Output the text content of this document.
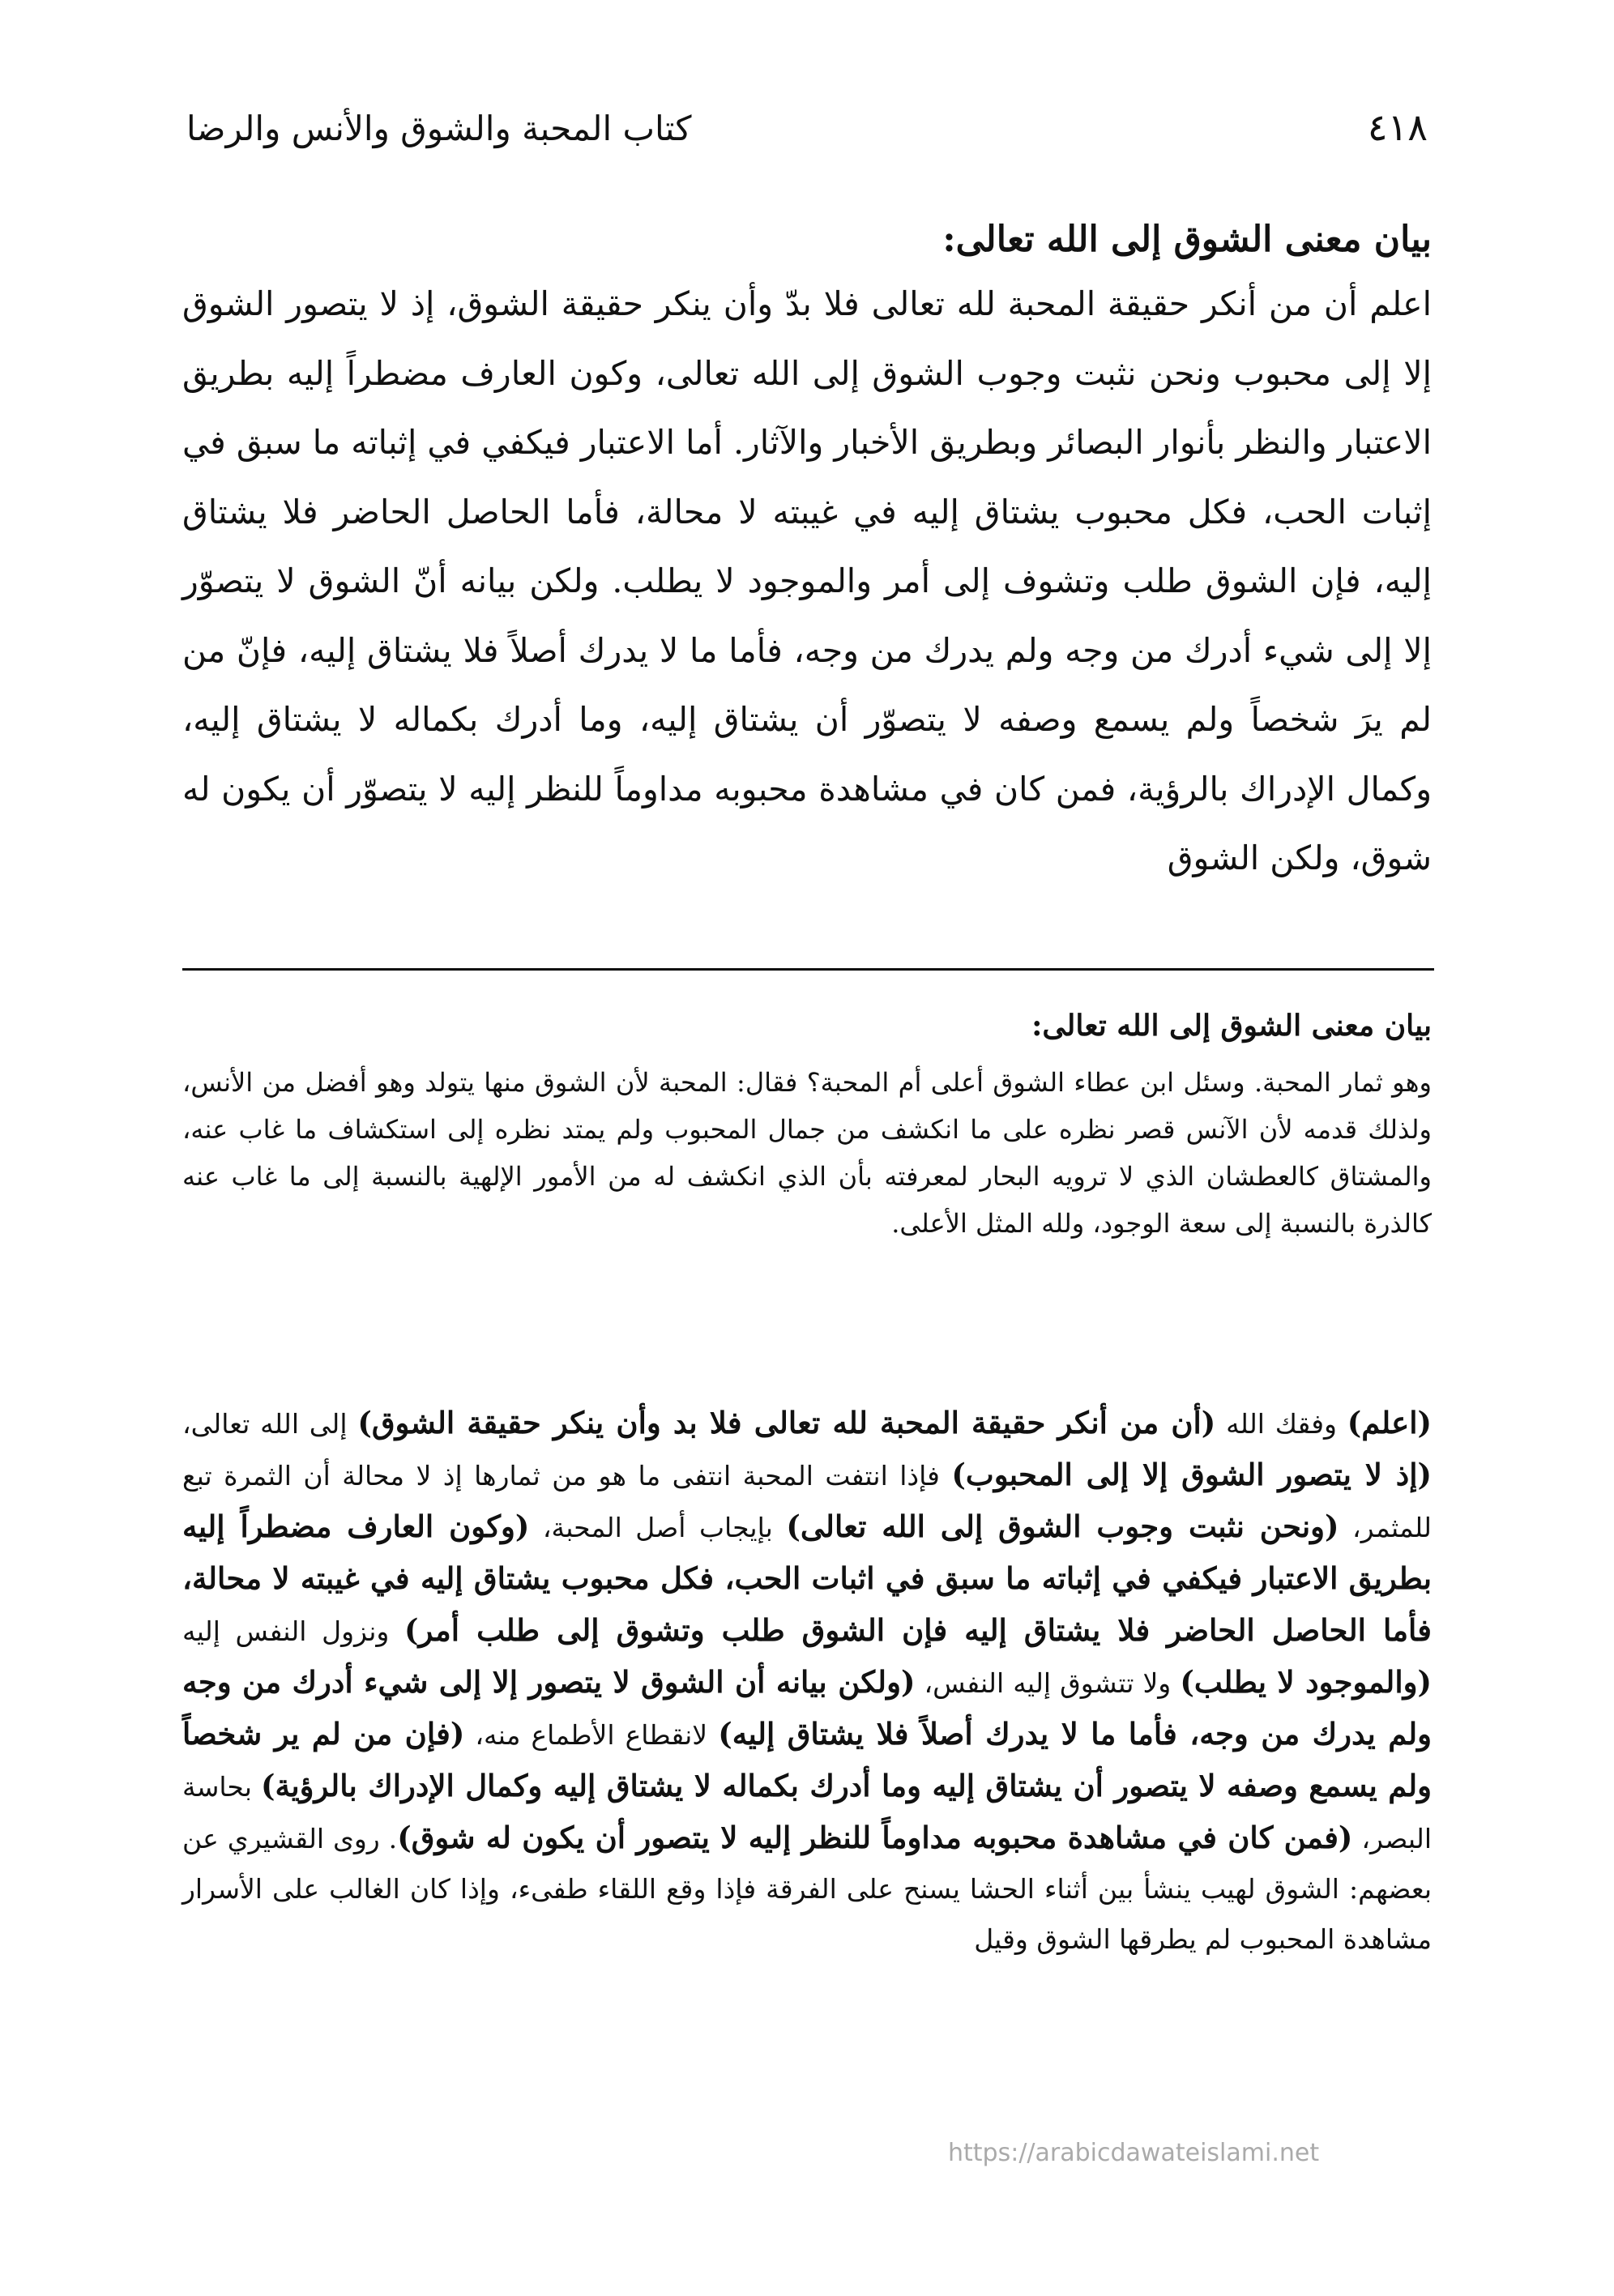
٤١٨
كتاب المحبة والشوق والأنس والرضا
بيان معنى الشوق إلى الله تعالى:

اعلم أن من أنكر حقيقة المحبة لله تعالى فلا بدّ وأن ينكر حقيقة الشوق، إذ لا يتصور الشوق إلا إلى محبوب ونحن نثبت وجوب الشوق إلى الله تعالى، وكون العارف مضطراً إليه بطريق الاعتبار والنظر بأنوار البصائر وبطريق الأخبار والآثار. أما الاعتبار فيكفي في إثباته ما سبق في إثبات الحب، فكل محبوب يشتاق إليه في غيبته لا محالة، فأما الحاصل الحاضر فلا يشتاق إليه، فإن الشوق طلب وتشوف إلى أمر والموجود لا يطلب. ولكن بيانه أنّ الشوق لا يتصوّر إلا إلى شيء أدرك من وجه ولم يدرك من وجه، فأما ما لا يدرك أصلاً فلا يشتاق إليه، فإنّ من لم يرَ شخصاً ولم يسمع وصفه لا يتصوّر أن يشتاق إليه، وما أدرك بكماله لا يشتاق إليه، وكمال الإدراك بالرؤية، فمن كان في مشاهدة محبوبه مداوماً للنظر إليه لا يتصوّر أن يكون له شوق، ولكن الشوق

بيان معنى الشوق إلى الله تعالى:

وهو ثمار المحبة. وسئل ابن عطاء الشوق أعلى أم المحبة؟ فقال: المحبة لأن الشوق منها يتولد وهو أفضل من الأنس، ولذلك قدمه لأن الآنس قصر نظره على ما انكشف من جمال المحبوب ولم يمتد نظره إلى استكشاف ما غاب عنه، والمشتاق كالعطشان الذي لا ترويه البحار لمعرفته بأن الذي انكشف له من الأمور الإلهية بالنسبة إلى ما غاب عنه كالذرة بالنسبة إلى سعة الوجود، ولله المثل الأعلى.

(اعلم) وفقك الله (أن من أنكر حقيقة المحبة لله تعالى فلا بد وأن ينكر حقيقة الشوق) إلى الله تعالى، (إذ لا يتصور الشوق إلا إلى المحبوب) فإذا انتفت المحبة انتفى ما هو من ثمارها إذ لا محالة أن الثمرة تبع للمثمر، (ونحن نثبت وجوب الشوق إلى الله تعالى) بإيجاب أصل المحبة، (وكون العارف مضطراً إليه بطريق الاعتبار فيكفي في إثباته ما سبق في اثبات الحب، فكل محبوب يشتاق إليه في غيبته لا محالة، فأما الحاصل الحاضر فلا يشتاق إليه فإن الشوق طلب وتشوق إلى طلب أمر) ونزول النفس إليه (والموجود لا يطلب) ولا تتشوق إليه النفس، (ولكن بيانه أن الشوق لا يتصور إلا إلى شيء أدرك من وجه ولم يدرك من وجه، فأما ما لا يدرك أصلاً فلا يشتاق إليه) لانقطاع الأطماع منه، (فإن من لم ير شخصاً ولم يسمع وصفه لا يتصور أن يشتاق إليه وما أدرك بكماله لا يشتاق إليه وكمال الإدراك بالرؤية) بحاسة البصر، (فمن كان في مشاهدة محبوبه مداوماً للنظر إليه لا يتصور أن يكون له شوق). روى القشيري عن بعضهم: الشوق لهيب ينشأ بين أثناء الحشا يسنح على الفرقة فإذا وقع اللقاء طفىء، وإذا كان الغالب على الأسرار مشاهدة المحبوب لم يطرقها الشوق وقيل

https://arabicdawateislami.net
